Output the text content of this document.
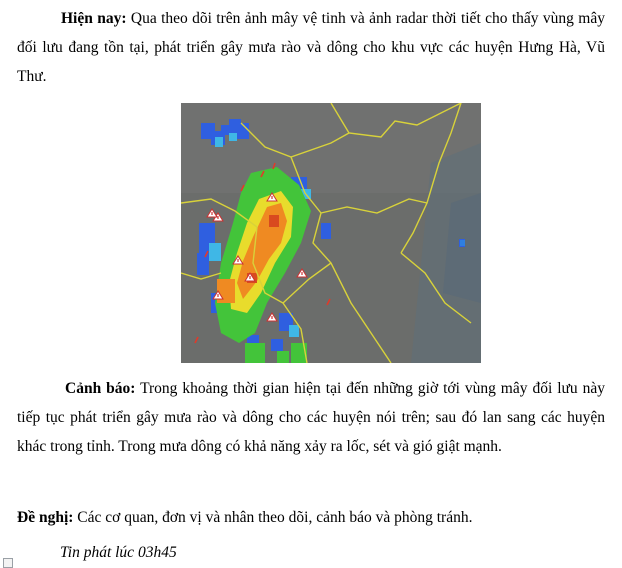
Hiện nay: Qua theo dõi trên ảnh mây vệ tinh và ảnh radar thời tiết cho thấy vùng mây đối lưu đang tồn tại, phát triển gây mưa rào và dông cho khu vực các huyện Hưng Hà, Vũ Thư.

Cảnh báo: Trong khoảng thời gian hiện tại đến những giờ tới vùng mây đối lưu này tiếp tục phát triển gây mưa rào và dông cho các huyện nói trên; sau đó lan sang các huyện khác trong tỉnh. Trong mưa dông có khả năng xảy ra lốc, sét và gió giật mạnh.

Đề nghị: Các cơ quan, đơn vị và nhân theo dõi, cảnh báo và phòng tránh.

Tin phát lúc 03h45
